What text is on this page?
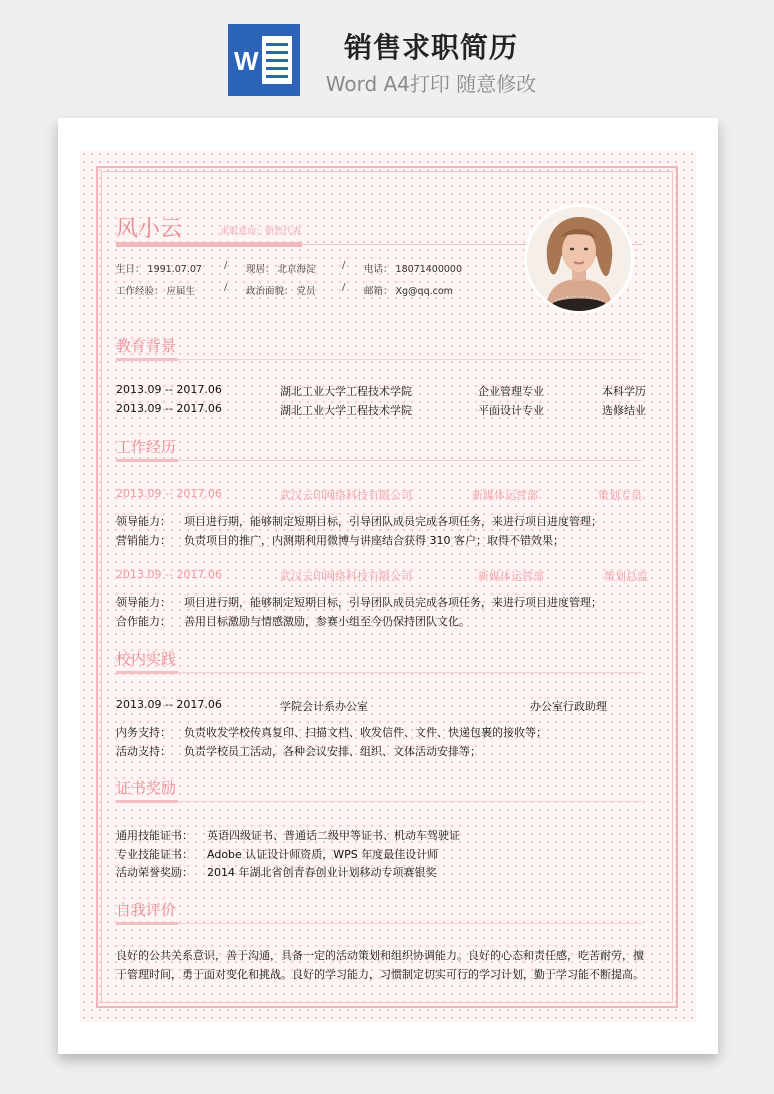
W	销售求职简历
Word A4打印 随意修改
风小云	求职意向：销售代表
生日： 1991.07.07 / 现居： 北京海淀	/ 电话： 18071400000
工作经验： 应届生	/ 政治面貌： 党员	/ 邮箱： Xg@qq.com
教育背景
2013.09 -- 2017.06	湖北工业大学工程技术学院	企业管理专业	本科学历
2013.09 -- 2017.06	湖北工业大学工程技术学院	平面设计专业	选修结业
工作经历
2013.09 -- 2017.06	武汉云印网络科技有限公司	新媒体运营部	策划专员
领导能力： 项目进行期，能够制定短期目标，引导团队成员完成各项任务，来进行项目进度管理；
营销能力： 负责项目的推广，内测期利用微博与讲座结合获得 310 客户；取得不错效果；
2013.09 -- 2017.06	武汉云印网络科技有限公司	新媒体运营部	策划总监
领导能力： 项目进行期，能够制定短期目标，引导团队成员完成各项任务，来进行项目进度管理；
合作能力： 善用目标激励与情感激励，参赛小组至今仍保持团队文化。
校内实践
2013.09 -- 2017.06	学院会计系办公室	办公室行政助理
内务支持： 负责收发学校传真复印、扫描文档、收发信件、文件、快递包裹的接收等；
活动支持： 负责学校员工活动，各种会议安排、组织、文体活动安排等；
证书奖励
通用技能证书： 英语四级证书、普通话二级甲等证书、机动车驾驶证
专业技能证书： Adobe 认证设计师资质，WPS 年度最佳设计师
活动荣誉奖励： 2014 年湖北省创青春创业计划移动专项赛银奖
自我评价
良好的公共关系意识，善于沟通，具备一定的活动策划和组织协调能力。良好的心态和责任感，吃苦耐劳，擅
于管理时间，勇于面对变化和挑战。良好的学习能力，习惯制定切实可行的学习计划，勤于学习能不断提高。
